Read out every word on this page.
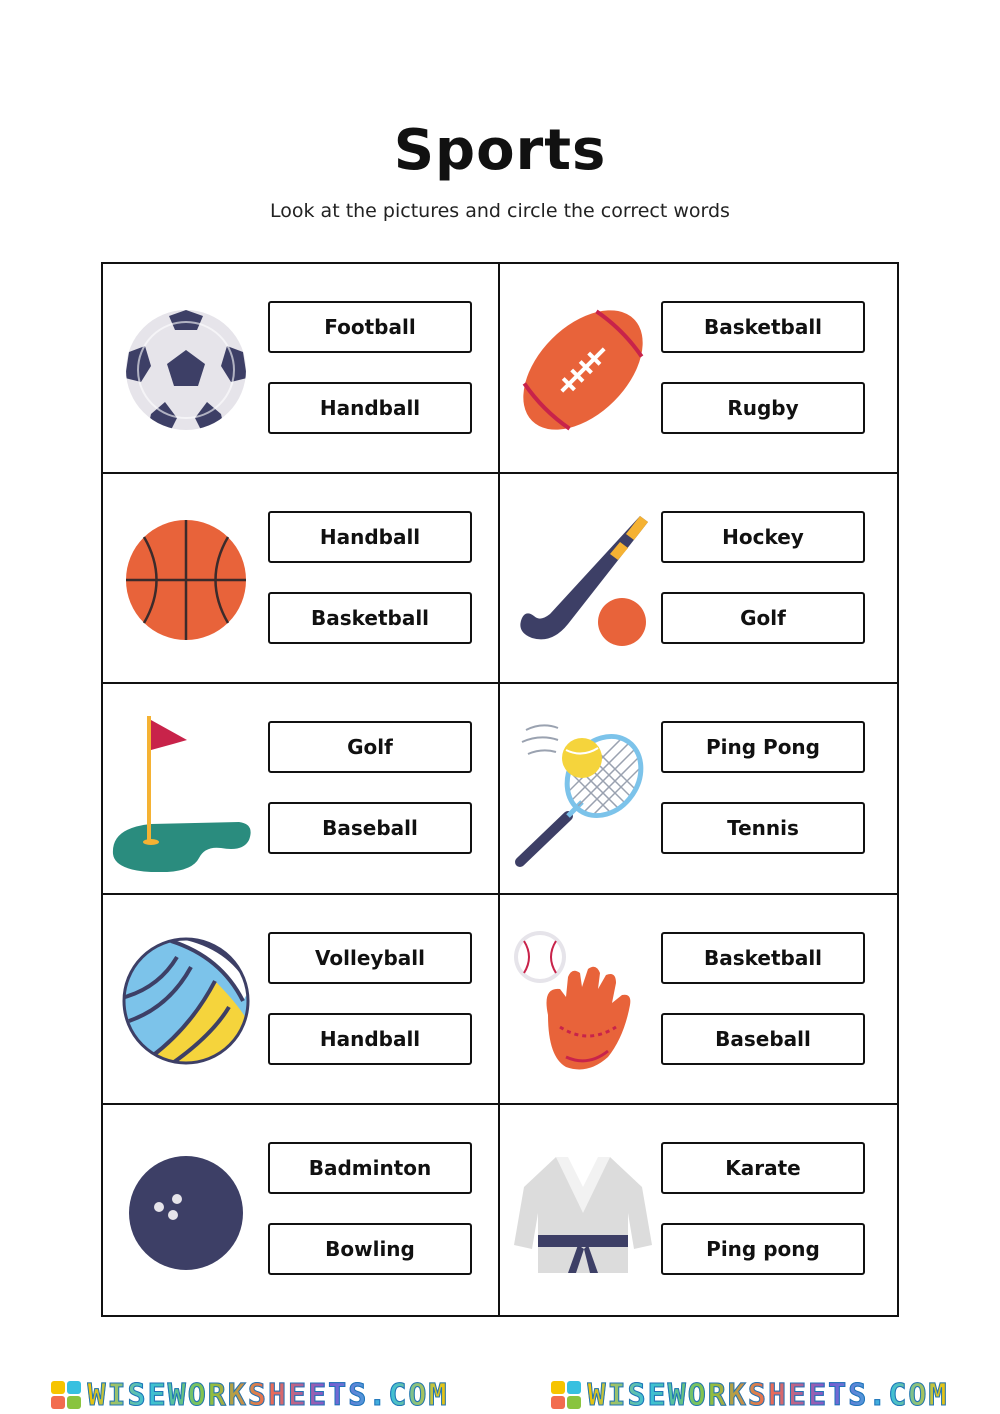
Sports
Look at the pictures and circle the correct words
Football
Handball
Basketball
Rugby
Handball
Basketball
Hockey
Golf
Golf
Baseball
Ping Pong
Tennis
Volleyball
Handball
Basketball
Baseball
Badminton
Bowling
Karate
Ping pong
WISEWORKSHEETS.COM	WISEWORKSHEETS.COM
